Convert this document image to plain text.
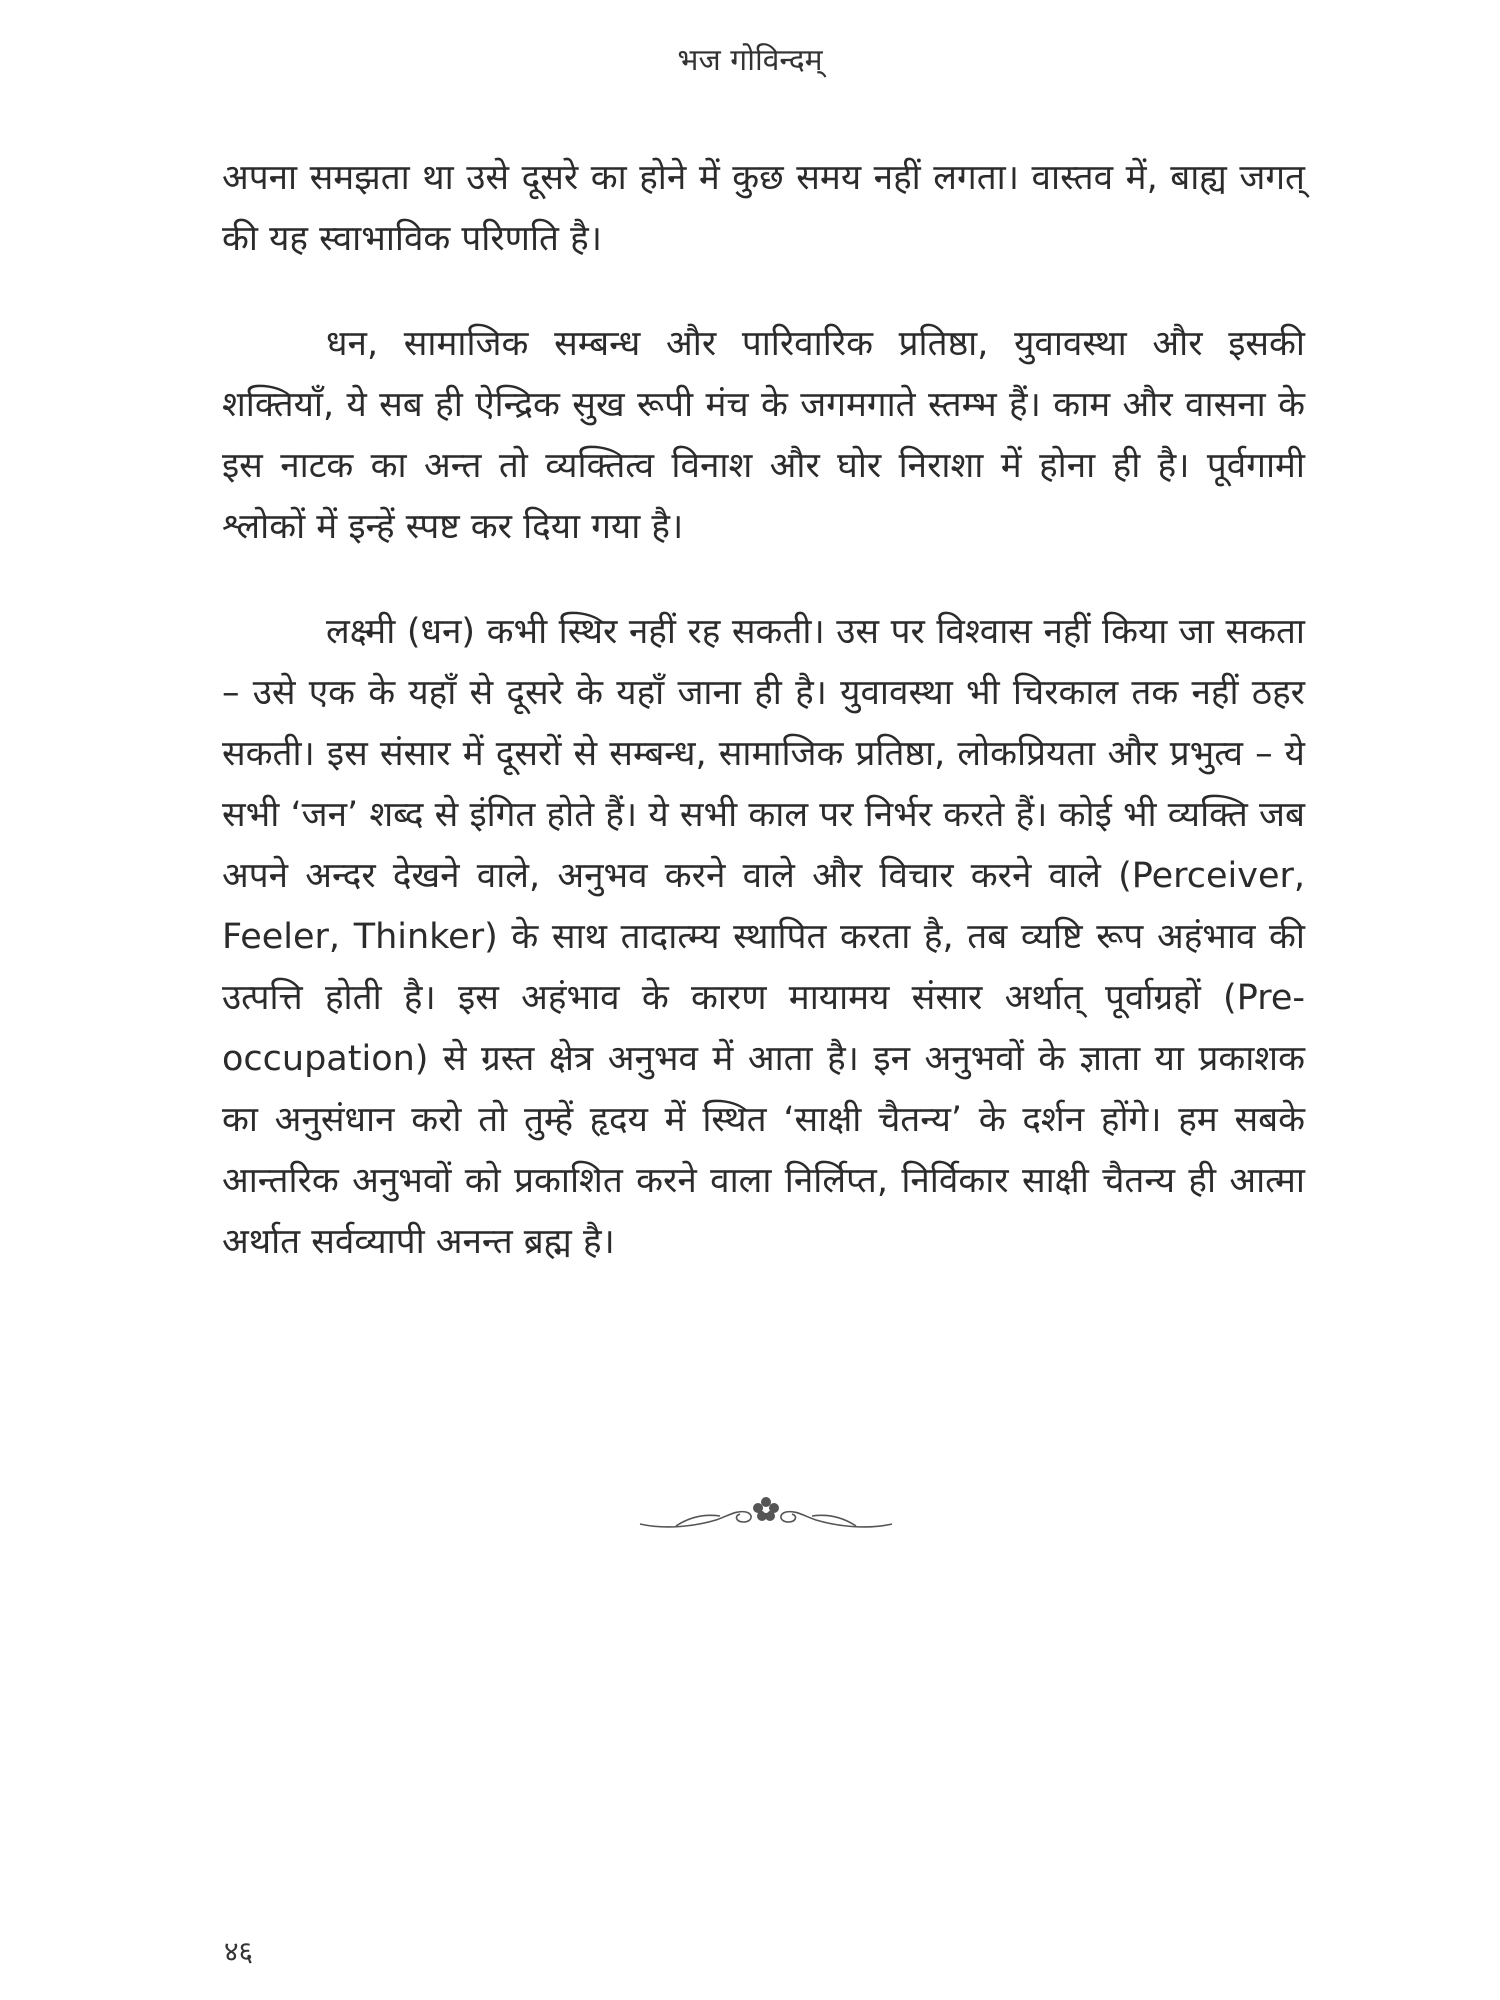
भज गोविन्दम्

अपना समझता था उसे दूसरे का होने में कुछ समय नहीं लगता। वास्तव में, बाह्य जगत् की यह स्वाभाविक परिणति है।

धन, सामाजिक सम्बन्ध और पारिवारिक प्रतिष्ठा, युवावस्था और इसकी शक्तियाँ, ये सब ही ऐन्द्रिक सुख रूपी मंच के जगमगाते स्तम्भ हैं। काम और वासना के इस नाटक का अन्त तो व्यक्तित्व विनाश और घोर निराशा में होना ही है। पूर्वगामी श्लोकों में इन्हें स्पष्ट कर दिया गया है।

लक्ष्मी (धन) कभी स्थिर नहीं रह सकती। उस पर विश्वास नहीं किया जा सकता – उसे एक के यहाँ से दूसरे के यहाँ जाना ही है। युवावस्था भी चिरकाल तक नहीं ठहर सकती। इस संसार में दूसरों से सम्बन्ध, सामाजिक प्रतिष्ठा, लोकप्रियता और प्रभुत्व – ये सभी ‘जन’ शब्द से इंगित होते हैं। ये सभी काल पर निर्भर करते हैं। कोई भी व्यक्ति जब अपने अन्दर देखने वाले, अनुभव करने वाले और विचार करने वाले (Perceiver, Feeler, Thinker) के साथ तादात्म्य स्थापित करता है, तब व्यष्टि रूप अहंभाव की उत्पत्ति होती है। इस अहंभाव के कारण मायामय संसार अर्थात् पूर्वाग्रहों (Pre-occupation) से ग्रस्त क्षेत्र अनुभव में आता है। इन अनुभवों के ज्ञाता या प्रकाशक का अनुसंधान करो तो तुम्हें हृदय में स्थित ‘साक्षी चैतन्य’ के दर्शन होंगे। हम सबके आन्तरिक अनुभवों को प्रकाशित करने वाला निर्लिप्त, निर्विकार साक्षी चैतन्य ही आत्मा अर्थात सर्वव्यापी अनन्त ब्रह्म है।

४६
